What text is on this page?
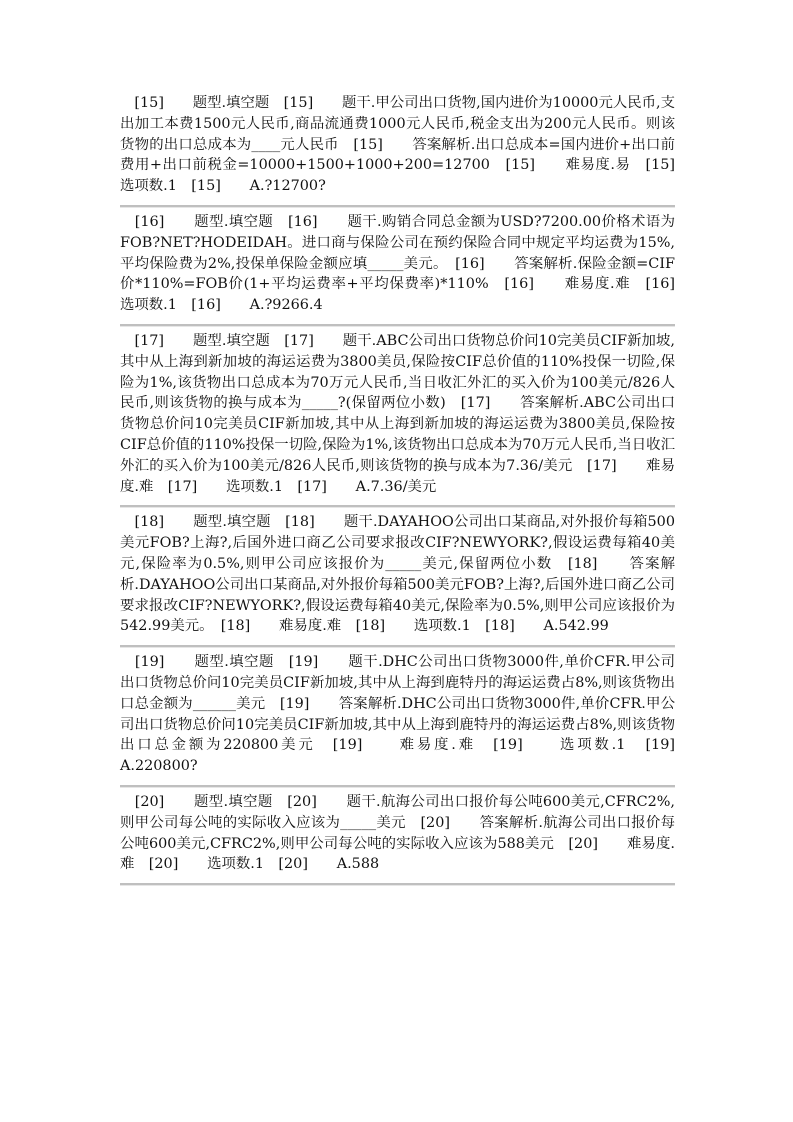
　[15]　　题型.填空题　[15]　　题干.甲公司出口货物,国内进价为10000元人民币,支出加工本费1500元人民币,商品流通费1000元人民币,税金支出为200元人民币。则该货物的出口总成本为____元人民币　[15]　　答案解析.出口总成本=国内进价+出口前费用+出口前税金=10000+1500+1000+200=12700　[15]　　难易度.易　[15]　　选项数.1　[15]　　A.?12700?
　[16]　　题型.填空题　[16]　　题干.购销合同总金额为USD?7200.00价格术语为FOB?NET?HODEIDAH。进口商与保险公司在预约保险合同中规定平均运费为15%,平均保险费为2%,投保单保险金额应填_____美元。　[16]　　答案解析.保险金额=CIF价*110%=FOB价(1+平均运费率+平均保费率)*110%　[16]　　难易度.难　[16]　　选项数.1　[16]　　A.?9266.4
　[17]　　题型.填空题　[17]　　题干.ABC公司出口货物总价问10完美员CIF新加坡,其中从上海到新加坡的海运运费为3800美员,保险按CIF总价值的110%投保一切险,保险为1%,该货物出口总成本为70万元人民币,当日收汇外汇的买入价为100美元/826人民币,则该货物的换与成本为_____?(保留两位小数)　[17]　　答案解析.ABC公司出口货物总价问10完美员CIF新加坡,其中从上海到新加坡的海运运费为3800美员,保险按CIF总价值的110%投保一切险,保险为1%,该货物出口总成本为70万元人民币,当日收汇外汇的买入价为100美元/826人民币,则该货物的换与成本为7.36/美元　[17]　　难易度.难　[17]　　选项数.1　[17]　　A.7.36/美元
　[18]　　题型.填空题　[18]　　题干.DAYAHOO公司出口某商品,对外报价每箱500美元FOB?上海?,后国外进口商乙公司要求报改CIF?NEWYORK?,假设运费每箱40美元,保险率为0.5%,则甲公司应该报价为_____美元,保留两位小数　[18]　　答案解析.DAYAHOO公司出口某商品,对外报价每箱500美元FOB?上海?,后国外进口商乙公司要求报改CIF?NEWYORK?,假设运费每箱40美元,保险率为0.5%,则甲公司应该报价为542.99美元。　[18]　　难易度.难　[18]　　选项数.1　[18]　　A.542.99
　[19]　　题型.填空题　[19]　　题干.DHC公司出口货物3000件,单价CFR.甲公司出口货物总价问10完美员CIF新加坡,其中从上海到鹿特丹的海运运费占8%,则该货物出口总金额为______美元　[19]　　答案解析.DHC公司出口货物3000件,单价CFR.甲公司出口货物总价问10完美员CIF新加坡,其中从上海到鹿特丹的海运运费占8%,则该货物出口总金额为220800美元　[19]　　难易度.难　[19]　　选项数.1　[19]　　A.220800?
　[20]　　题型.填空题　[20]　　题干.航海公司出口报价每公吨600美元,CFRC2%,则甲公司每公吨的实际收入应该为_____美元　[20]　　答案解析.航海公司出口报价每公吨600美元,CFRC2%,则甲公司每公吨的实际收入应该为588美元　[20]　　难易度.难　[20]　　选项数.1　[20]　　A.588
